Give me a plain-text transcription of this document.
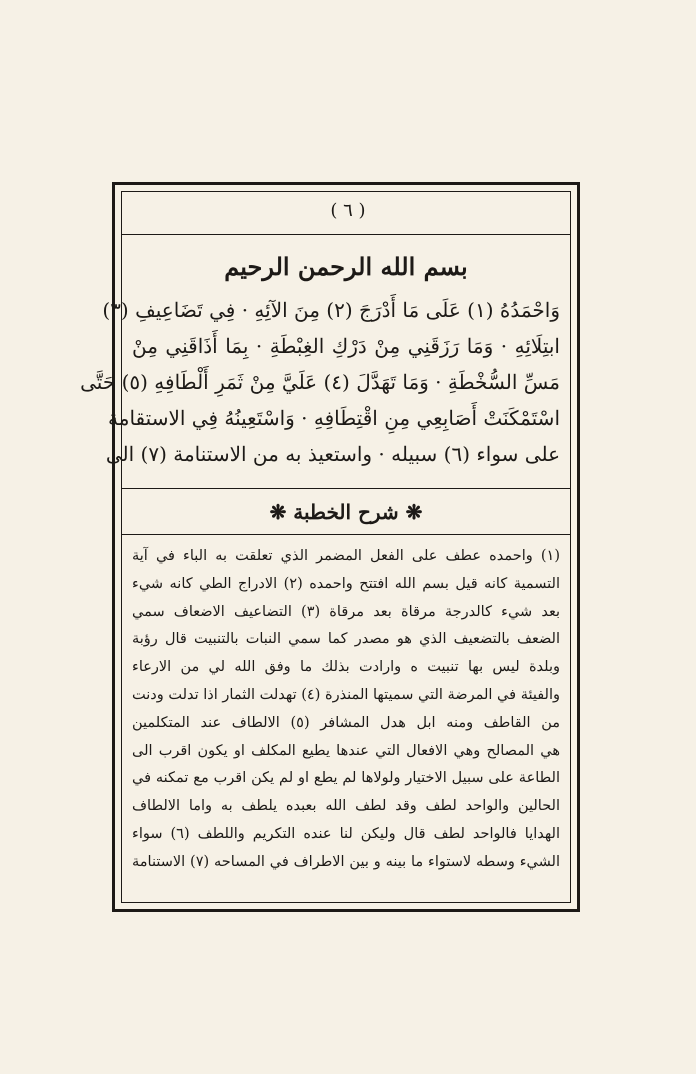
( ٦ )
بسم الله الرحمن الرحيم
وَاحْمَدُهُ (١) عَلَى مَا أَدْرَجَ (٢) مِنَ الآئِهِ · فِي تَضَاعِيفِ (٣)
ابتِلَائِهِ · وَمَا رَزَقَنِي مِنْ دَرْكِ الغِبْطَةِ · بِمَا أَذَاقَنِي مِنْ
مَسِّ السُّخْطَةِ · وَمَا تَهَدَّلَ (٤) عَلَيَّ مِنْ ثَمَرِ أَلْطَافِهِ (٥) حَتَّى
اسْتَمْكَنَتْ أَصَابِعِي مِنِ اقْتِطَافِهِ · وَاسْتَعِينُهُ فِي الاستقامة
على سواء (٦) سبيله · واستعيذ به من الاستنامة (٧) الى
❋ شرح الخطبة ❋
(١) واحمده عطف على الفعل المضمر الذي تعلقت به الباء في آية
التسمية كانه قيل بسم الله افتتح واحمده (٢) الادراج الطي كانه شيء
بعد شيء كالدرجة مرقاة بعد مرقاة (٣) التضاعيف الاضعاف سمي
الضعف بالتضعيف الذي هو مصدر كما سمي النبات بالتنبيت قال رؤبة
وبلدة ليس بها تنبيت ه وارادت بذلك ما وفق الله لي من الارعاء
والفيئة في المرضة التي سميتها المنذرة (٤) تهدلت الثمار اذا تدلت ودنت
من القاطف ومنه ابل هدل المشافر (٥) الالطاف عند المتكلمين
هي المصالح وهي الافعال التي عندها يطيع المكلف او يكون اقرب الى
الطاعة على سبيل الاختيار ولولاها لم يطع او لم يكن اقرب مع تمكنه في
الحالين والواحد لطف وقد لطف الله بعبده يلطف به واما الالطاف
الهدايا فالواحد لطف قال وليكن لنا عنده التكريم واللطف (٦) سواء
الشيء وسطه لاستواء ما بينه و بين الاطراف في المساحه (٧) الاستنامة
